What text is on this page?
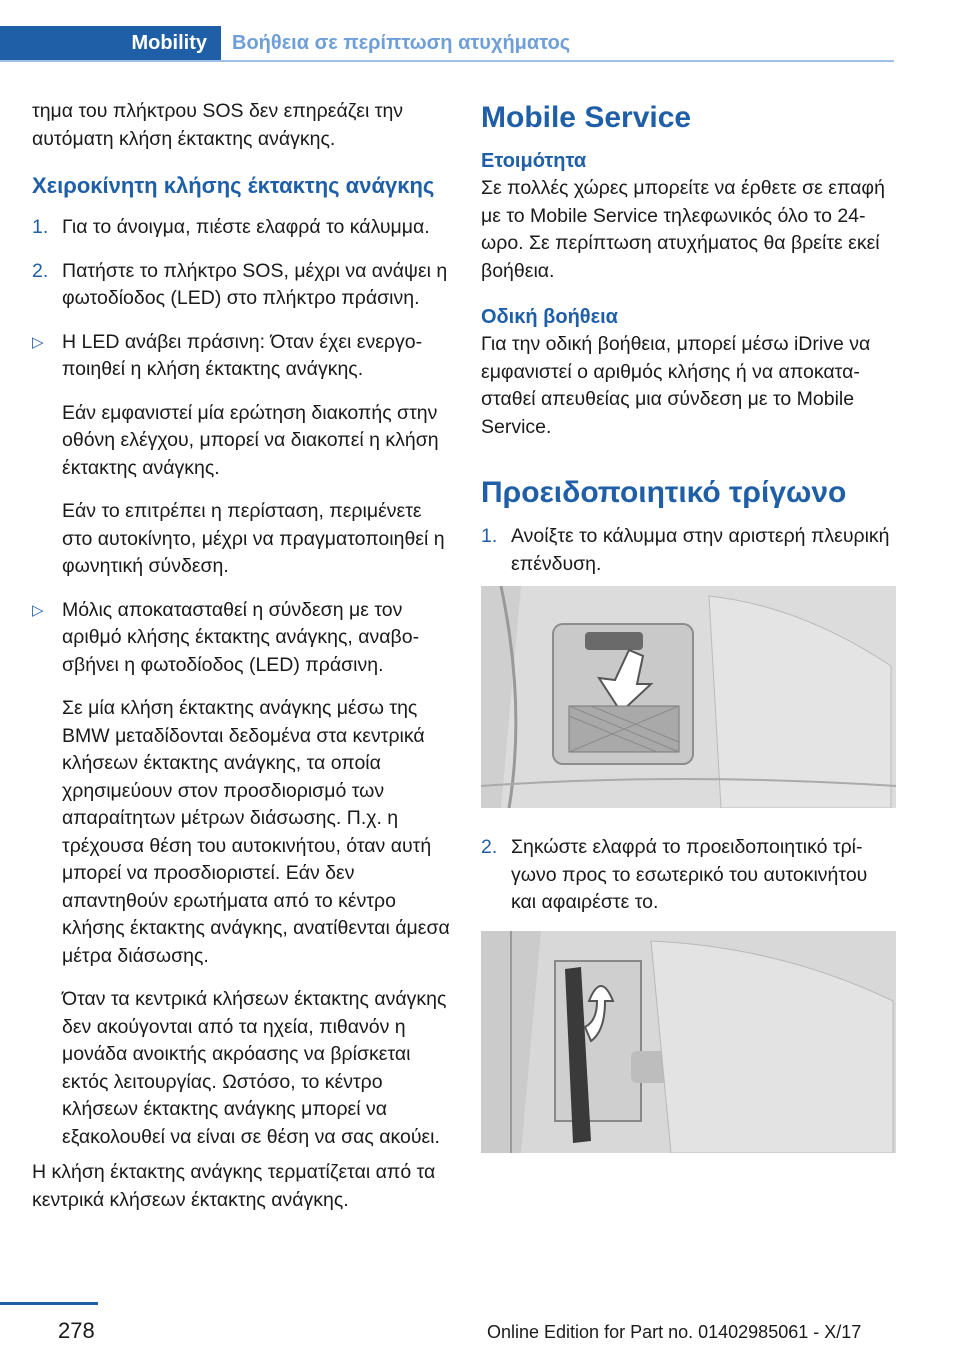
Mobility	Βοήθεια σε περίπτωση ατυχήματος

τημα του πλήκτρου SOS δεν επηρεάζει την αυτόματη κλήση έκτακτης ανάγκης.

Χειροκίνητη κλήσης έκτακτης ανάγκης
1. Για το άνοιγμα, πιέστε ελαφρά το κάλυμμα.
2. Πατήστε το πλήκτρο SOS, μέχρι να ανάψει η φωτοδίοδος (LED) στο πλήκτρο πράσινη.
▷ Η LED ανάβει πράσινη: Όταν έχει ενεργοποιηθεί η κλήση έκτακτης ανάγκης.

Εάν εμφανιστεί μία ερώτηση διακοπής στην οθόνη ελέγχου, μπορεί να διακοπεί η κλήση έκτακτης ανάγκης.

Εάν το επιτρέπει η περίσταση, περιμένετε στο αυτοκίνητο, μέχρι να πραγματοποιηθεί η φωνητική σύνδεση.

▷ Μόλις αποκατασταθεί η σύνδεση με τον αριθμό κλήσης έκτακτης ανάγκης, αναβοσβήνει η φωτοδίοδος (LED) πράσινη.

Σε μία κλήση έκτακτης ανάγκης μέσω της BMW μεταδίδονται δεδομένα στα κεντρικά κλήσεων έκτακτης ανάγκης, τα οποία χρησιμεύουν στον προσδιορισμό των απαραίτητων μέτρων διάσωσης. Π.χ. η τρέχουσα θέση του αυτοκινήτου, όταν αυτή μπορεί να προσδιοριστεί. Εάν δεν απαντηθούν ερωτήματα από το κέντρο κλήσης έκτακτης ανάγκης, ανατίθενται άμεσα μέτρα διάσωσης.

Όταν τα κεντρικά κλήσεων έκτακτης ανάγκης δεν ακούγονται από τα ηχεία, πιθανόν η μονάδα ανοικτής ακρόασης να βρίσκεται εκτός λειτουργίας. Ωστόσο, το κέντρο κλήσεων έκτακτης ανάγκης μπορεί να εξακολουθεί να είναι σε θέση να σας ακούει.

Η κλήση έκτακτης ανάγκης τερματίζεται από τα κεντρικά κλήσεων έκτακτης ανάγκης.

Mobile Service
Ετοιμότητα

Σε πολλές χώρες μπορείτε να έρθετε σε επαφή με το Mobile Service τηλεφωνικός όλο το 24-ωρο. Σε περίπτωση ατυχήματος θα βρείτε εκεί βοήθεια.

Οδική βοήθεια

Για την οδική βοήθεια, μπορεί μέσω iDrive να εμφανιστεί ο αριθμός κλήσης ή να αποκατασταθεί απευθείας μια σύνδεση με το Mobile Service.

Προειδοποιητικό τρίγωνο
1. Ανοίξτε το κάλυμμα στην αριστερή πλευρική επένδυση.
2. Σηκώστε ελαφρά το προειδοποιητικό τρίγωνο προς το εσωτερικό του αυτοκινήτου και αφαιρέστε το.
278	Online Edition for Part no. 01402985061 - X/17
